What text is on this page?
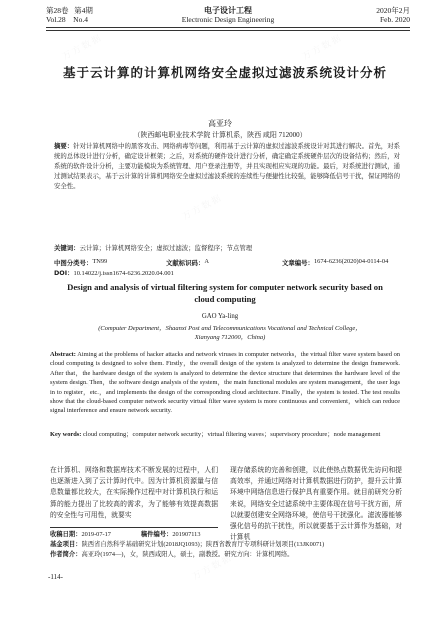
第28卷 第4期
Vol.28 No.4
电子设计工程
Electronic Design Engineering
2020年2月
Feb. 2020
基于云计算的计算机网络安全虚拟过滤波系统设计分析
高亚玲
（陕西邮电职业技术学院 计算机系，陕西 咸阳 712000）
摘要：针对计算机网络中的黑客攻击、网络病毒等问题，利用基于云计算的虚拟过滤波系统设计对其进行解决。首先，对系统的总体设计进行分析，确定设计框架；之后，对系统的硬件设计进行分析，确定确定系统硬件层次的设备结构；然后，对系统的软件设计分析，主要功能模块为系统管理、用户登录注册等，并且实现相应实现的功能。最后，对系统进行测试，通过测试结果表示，基于云计算的计算机网络安全虚拟过滤波系统的连续性与便捷性比较强，能够降低信号干扰，保证网络的安全性。
关键词：云计算；计算机网络安全；虚拟过滤波；监督程序；节点管理
中图分类号： TN99	文献标识码： A	文章编号： 1674-6236(2020)04-0114-04
DOI：10.14022/j.issn1674-6236.2020.04.001
Design and analysis of virtual filtering system for computer network security based on cloud computing
GAO Ya-ling
(Computer Department，Shaanxi Post and Telecommunications Vocational and Technical College，Xianyang 712000，China)
Abstract: Aiming at the problems of hacker attacks and network viruses in computer networks，the virtual filter wave system based on cloud computing is designed to solve them. Firstly，the overall design of the system is analyzed to determine the design framework. After that，the hardware design of the system is analyzed to determine the device structure that determines the hardware level of the system design. Then，the software design analysis of the system，the main functional modules are system management，the user logs in to register，etc.，and implements the design of the corresponding cloud architecture. Finally，the system is tested. The test results show that the cloud-based computer network security virtual filter wave system is more continuous and convenient，which can reduce signal interference and ensure network security.
Key words: cloud computing；computer network security；virtual filtering waves；supervisory procedure；node management
在计算机、网络和数据库技术不断发展的过程中，人们也逐渐进入到了云计算时代中。因为计算机资源量与信息数量都比较大，在实际操作过程中对计算机执行和运算的能力提出了比较高的需求，为了能够有效提高数据的安全性与可用性，就要实
现存储系统的完善和创建，以此使热点数据优先访问和提高效率，并通过网络对计算机数据进行防护，提升云计算环境中网络信息进行保护具有重要作用。就目前研究分析来说，网络安全过滤系统中主要体现在信号干扰方面，所以就要创建安全网络环境，使信号干扰强化。滤波器能够强化信号的抗干扰性，所以就要基于云计算作为基础，对计算机
收稿日期：2019-07-17	稿件编号：201907113
基金项目：陕西省自然科学基础研究计划(2018JQ1093)；陕西省教育厅专项科研计划项目(13JK0071)
作者简介：高亚玲(1974—)，女，陕西咸阳人，硕士，副教授。研究方向：计算机网络。
-114-
